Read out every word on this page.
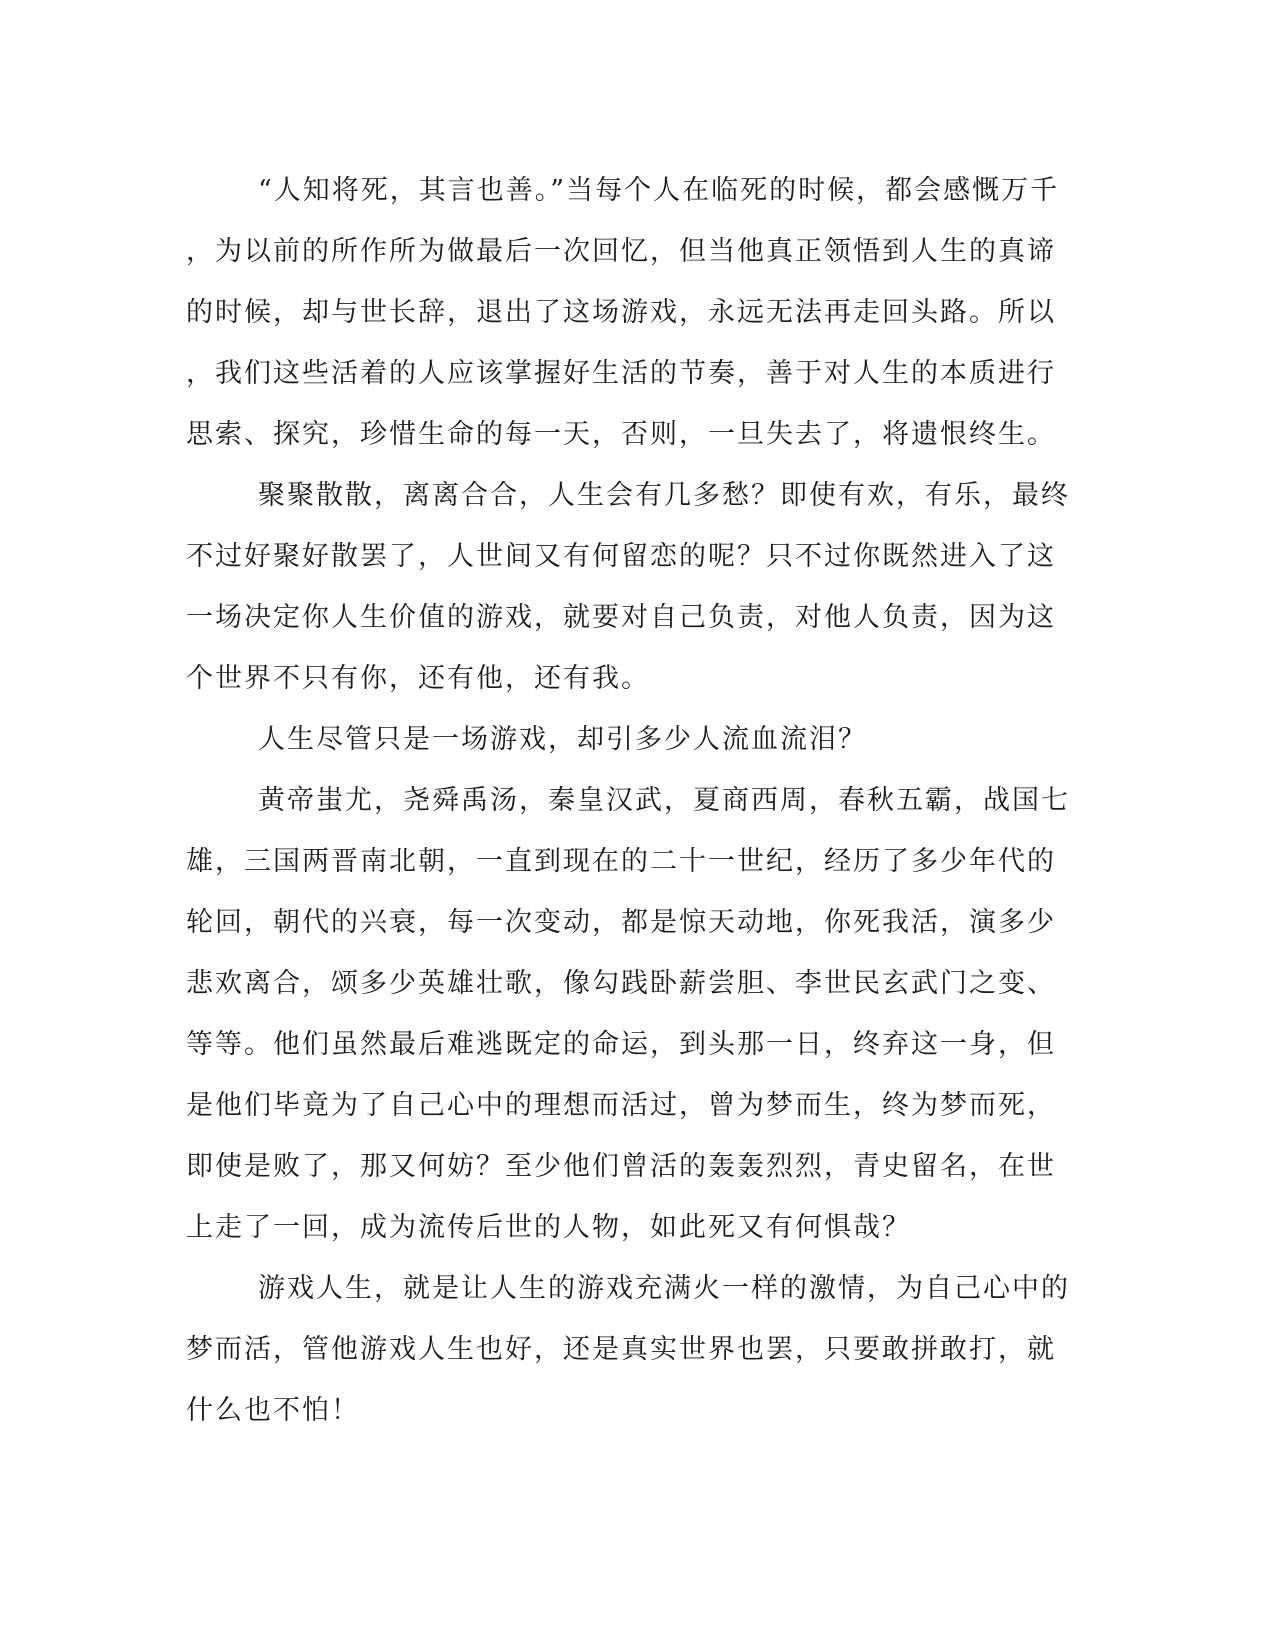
“人知将死，其言也善。”当每个人在临死的时候，都会感慨万千
，为以前的所作所为做最后一次回忆，但当他真正领悟到人生的真谛
的时候，却与世长辞，退出了这场游戏，永远无法再走回头路。所以
，我们这些活着的人应该掌握好生活的节奏，善于对人生的本质进行
思索、探究，珍惜生命的每一天，否则，一旦失去了，将遗恨终生。
聚聚散散，离离合合，人生会有几多愁？即使有欢，有乐，最终
不过好聚好散罢了，人世间又有何留恋的呢？只不过你既然进入了这
一场决定你人生价值的游戏，就要对自己负责，对他人负责，因为这
个世界不只有你，还有他，还有我。
人生尽管只是一场游戏，却引多少人流血流泪？
黄帝蚩尤，尧舜禹汤，秦皇汉武，夏商西周，春秋五霸，战国七
雄，三国两晋南北朝，一直到现在的二十一世纪，经历了多少年代的
轮回，朝代的兴衰，每一次变动，都是惊天动地，你死我活，演多少
悲欢离合，颂多少英雄壮歌，像勾践卧薪尝胆、李世民玄武门之变、
等等。他们虽然最后难逃既定的命运，到头那一日，终弃这一身，但
是他们毕竟为了自己心中的理想而活过，曾为梦而生，终为梦而死，
即使是败了，那又何妨？至少他们曾活的轰轰烈烈，青史留名，在世
上走了一回，成为流传后世的人物，如此死又有何惧哉？
游戏人生，就是让人生的游戏充满火一样的激情，为自己心中的
梦而活，管他游戏人生也好，还是真实世界也罢，只要敢拼敢打，就
什么也不怕！
